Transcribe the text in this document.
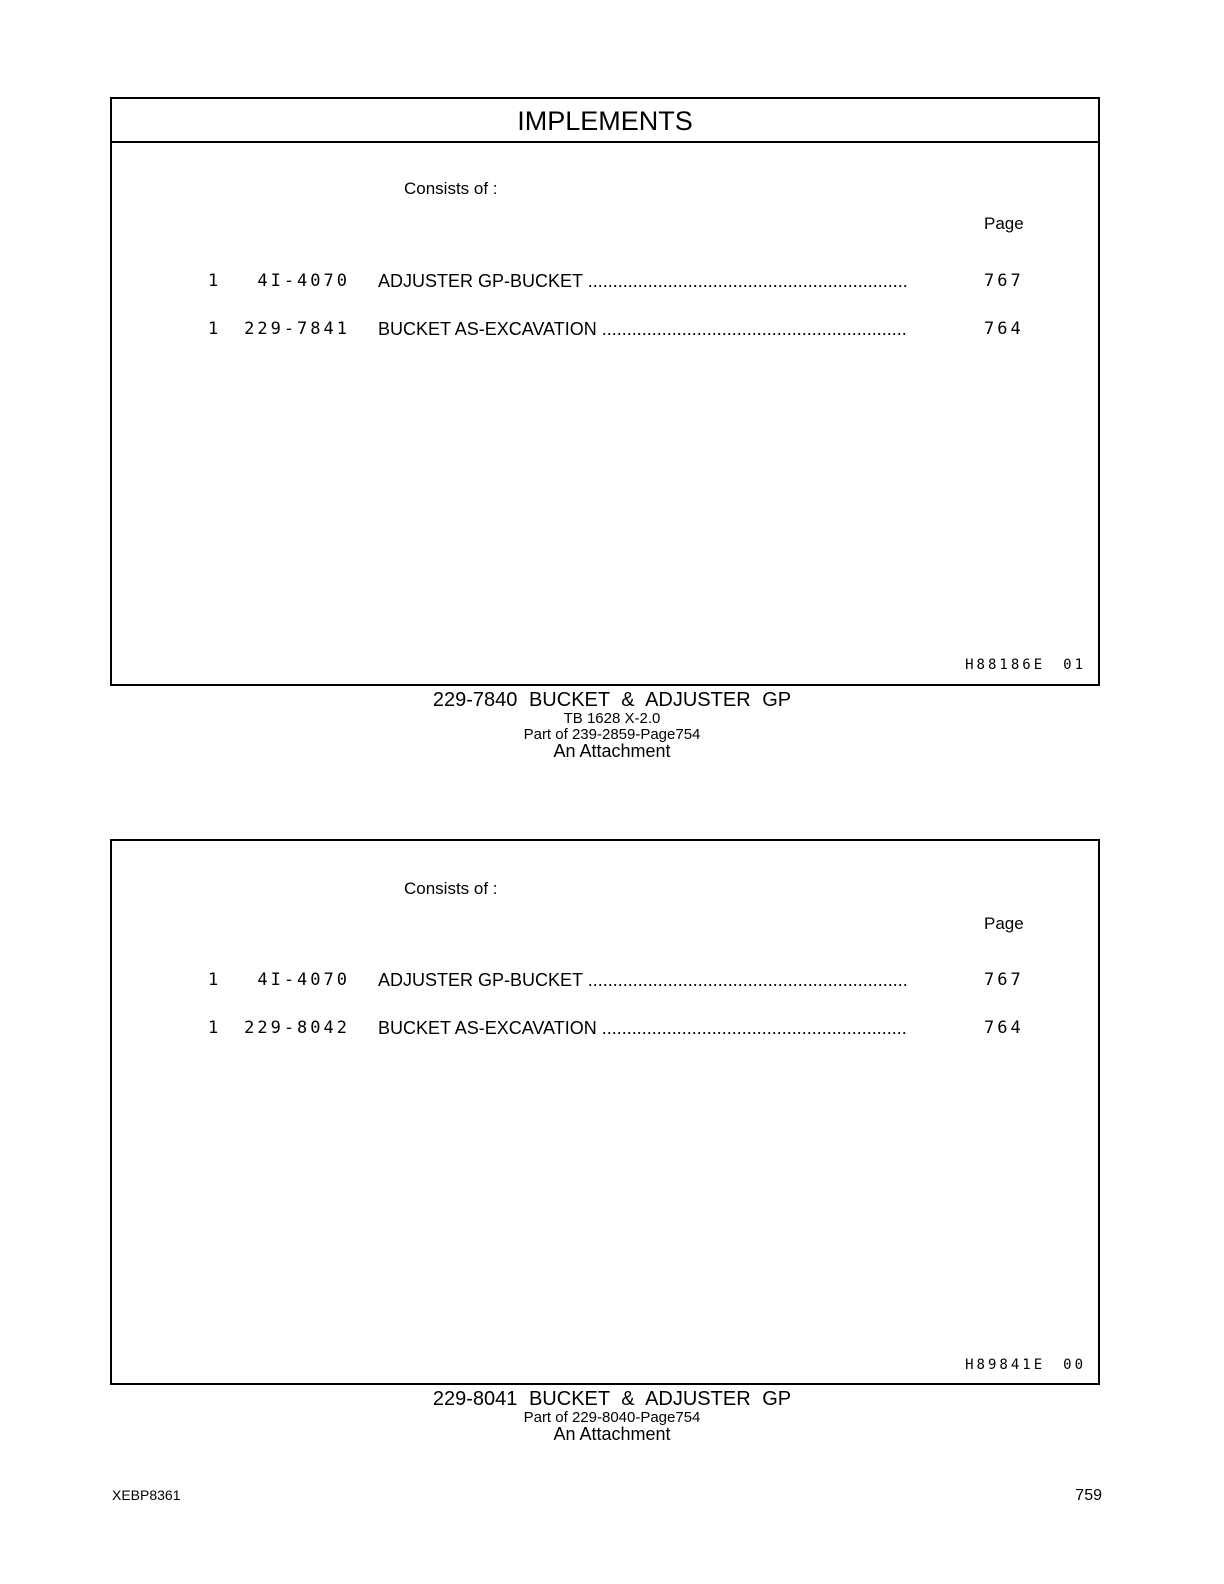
IMPLEMENTS
Consists of :
Page
1 4I-4070 ADJUSTER GP-BUCKET .....	767
1 229-7841 BUCKET AS-EXCAVATION .....	764
H88186E 01
229-7840 BUCKET & ADJUSTER GP
TB 1628 X-2.0
Part of 239-2859-Page754
An Attachment
Consists of :
Page
1 4I-4070 ADJUSTER GP-BUCKET .....	767
1 229-8042 BUCKET AS-EXCAVATION .....	764
H89841E 00
229-8041 BUCKET & ADJUSTER GP
Part of 229-8040-Page754
An Attachment
XEBP8361	759
